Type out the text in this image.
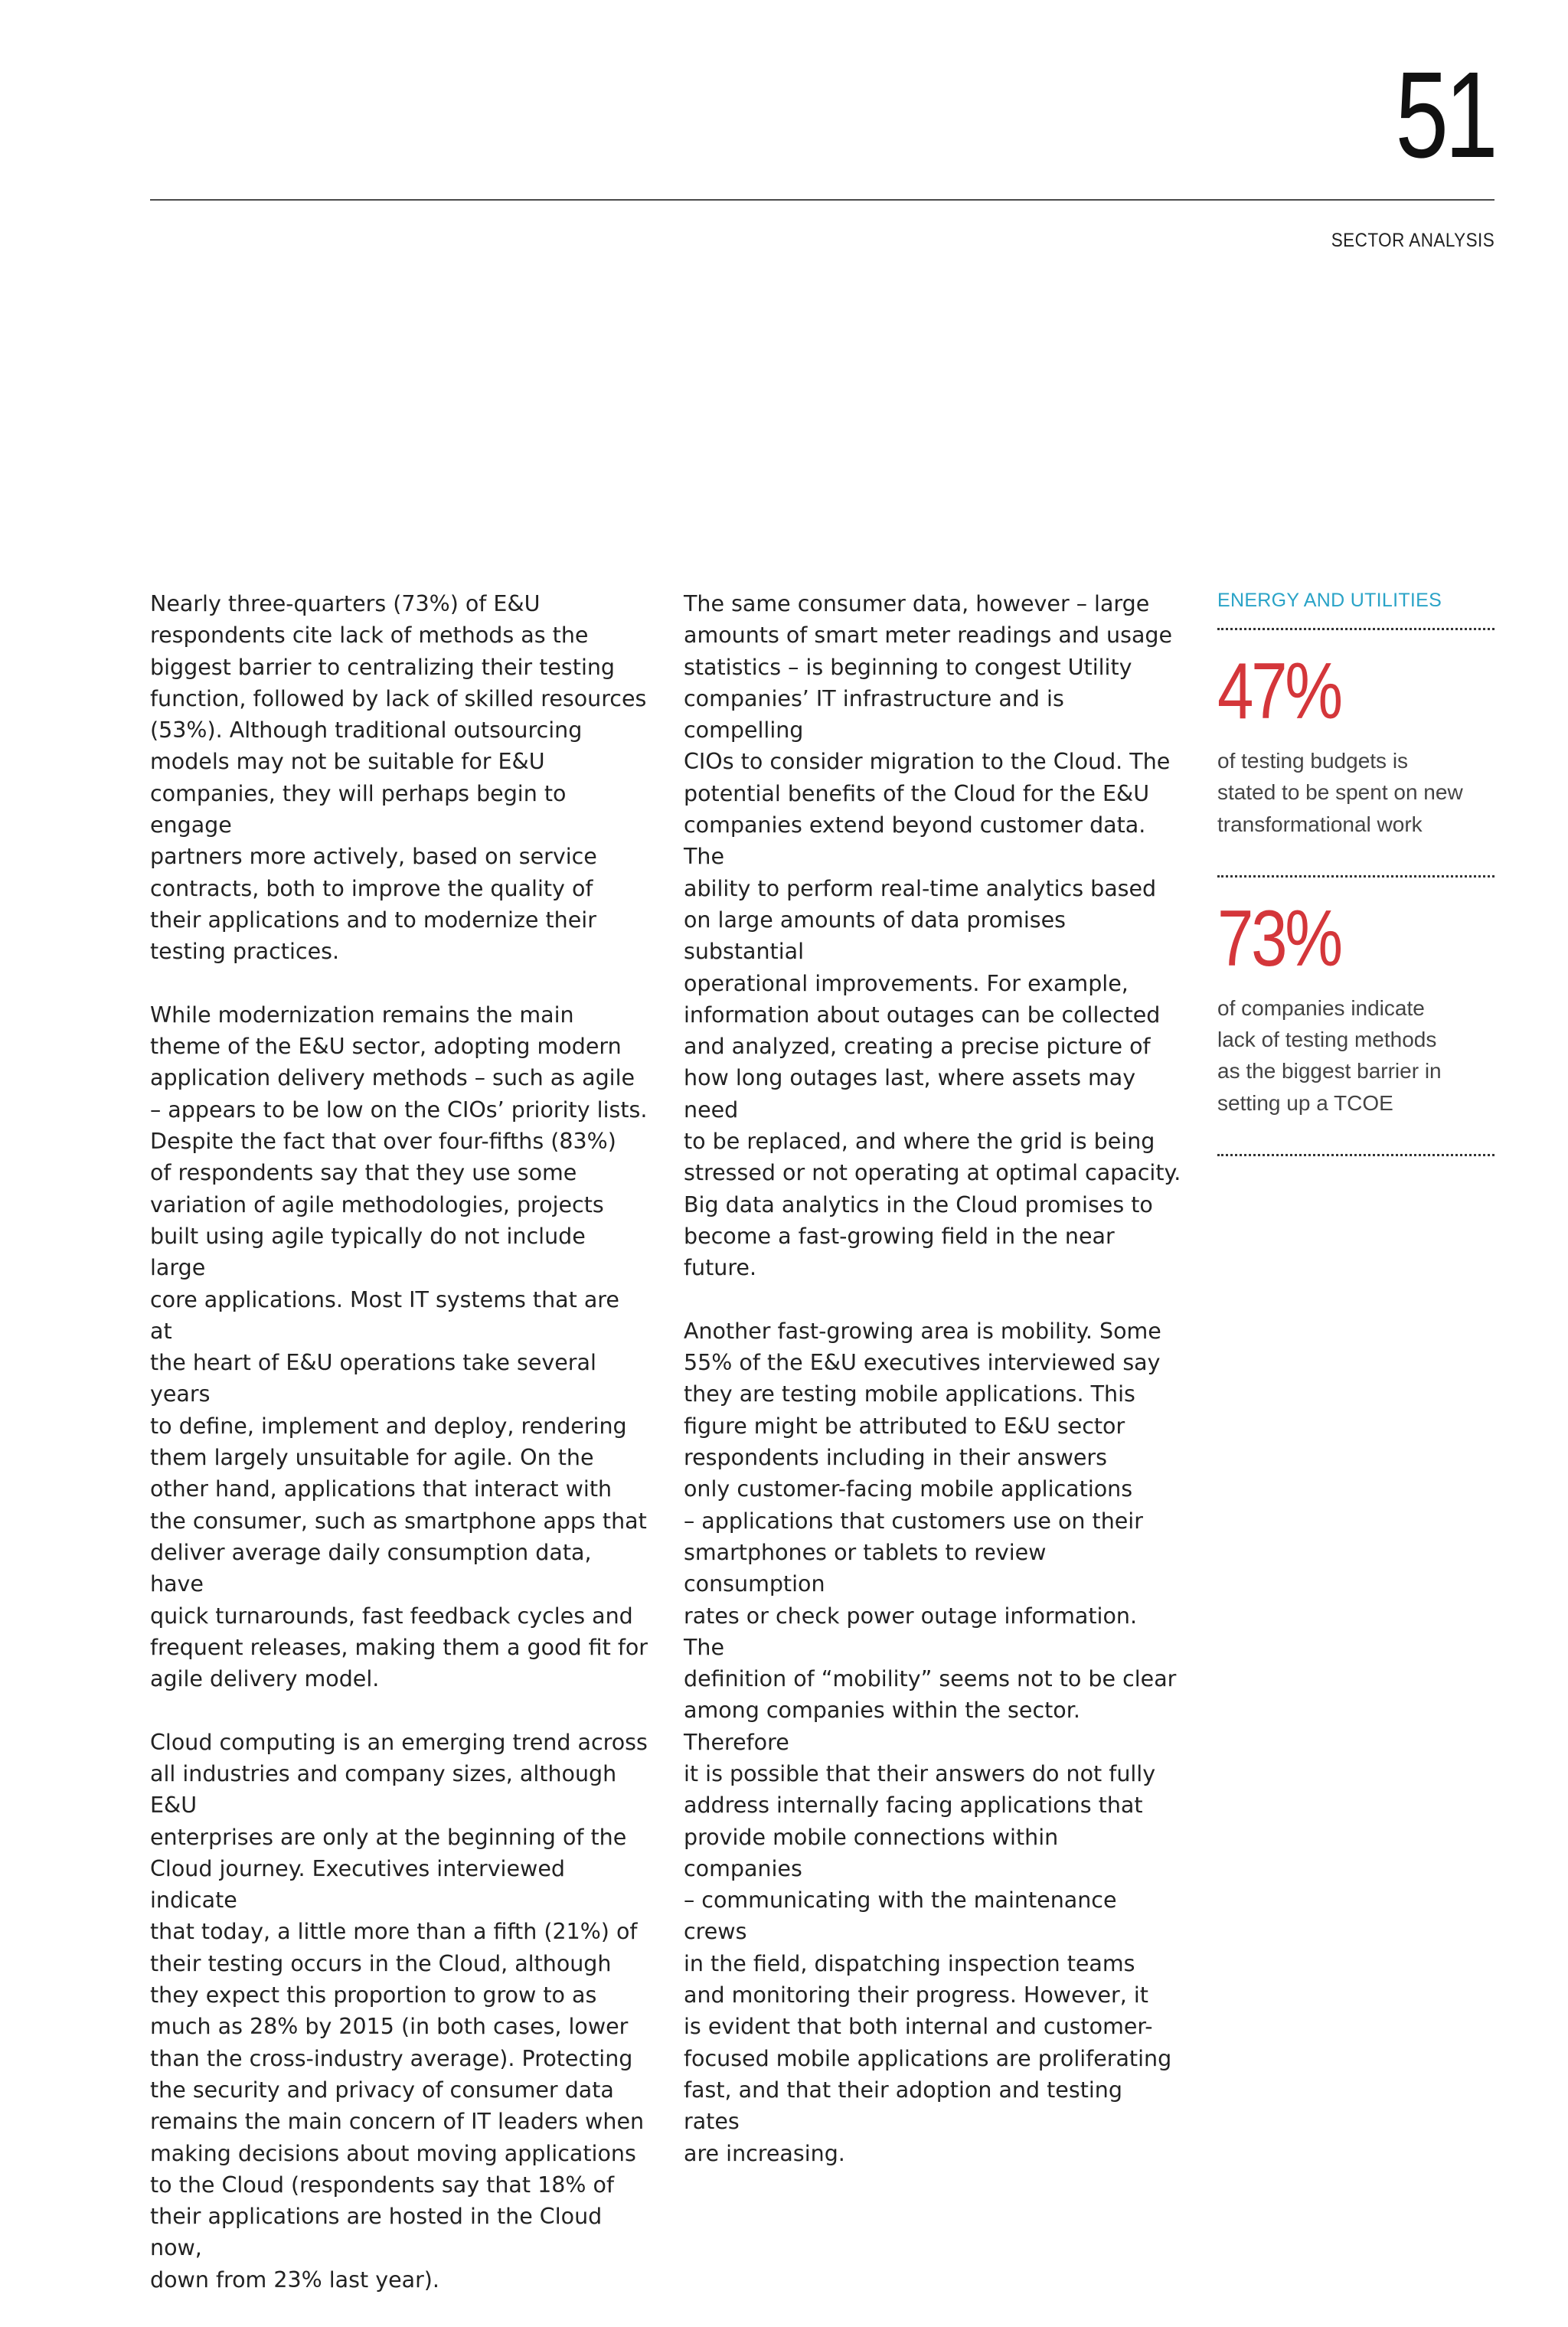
51
SECTOR ANALYSIS

Nearly three-quarters (73%) of E&U
respondents cite lack of methods as the
biggest barrier to centralizing their testing
function, followed by lack of skilled resources
(53%). Although traditional outsourcing
models may not be suitable for E&U
companies, they will perhaps begin to engage
partners more actively, based on service
contracts, both to improve the quality of
their applications and to modernize their
testing practices.

While modernization remains the main
theme of the E&U sector, adopting modern
application delivery methods – such as agile
– appears to be low on the CIOs’ priority lists.
Despite the fact that over four-fifths (83%)
of respondents say that they use some
variation of agile methodologies, projects
built using agile typically do not include large
core applications. Most IT systems that are at
the heart of E&U operations take several years
to define, implement and deploy, rendering
them largely unsuitable for agile. On the
other hand, applications that interact with
the consumer, such as smartphone apps that
deliver average daily consumption data, have
quick turnarounds, fast feedback cycles and
frequent releases, making them a good fit for
agile delivery model.

Cloud computing is an emerging trend across
all industries and company sizes, although E&U
enterprises are only at the beginning of the
Cloud journey. Executives interviewed indicate
that today, a little more than a fifth (21%) of
their testing occurs in the Cloud, although
they expect this proportion to grow to as
much as 28% by 2015 (in both cases, lower
than the cross-industry average). Protecting
the security and privacy of consumer data
remains the main concern of IT leaders when
making decisions about moving applications
to the Cloud (respondents say that 18% of
their applications are hosted in the Cloud now,
down from 23% last year).

The same consumer data, however – large
amounts of smart meter readings and usage
statistics – is beginning to congest Utility
companies’ IT infrastructure and is compelling
CIOs to consider migration to the Cloud. The
potential benefits of the Cloud for the E&U
companies extend beyond customer data. The
ability to perform real-time analytics based
on large amounts of data promises substantial
operational improvements. For example,
information about outages can be collected
and analyzed, creating a precise picture of
how long outages last, where assets may need
to be replaced, and where the grid is being
stressed or not operating at optimal capacity.
Big data analytics in the Cloud promises to
become a fast-growing field in the near future.

Another fast-growing area is mobility. Some
55% of the E&U executives interviewed say
they are testing mobile applications. This
figure might be attributed to E&U sector
respondents including in their answers
only customer-facing mobile applications
– applications that customers use on their
smartphones or tablets to review consumption
rates or check power outage information. The
definition of “mobility” seems not to be clear
among companies within the sector. Therefore
it is possible that their answers do not fully
address internally facing applications that
provide mobile connections within companies
– communicating with the maintenance crews
in the field, dispatching inspection teams
and monitoring their progress. However, it
is evident that both internal and customer-
focused mobile applications are proliferating
fast, and that their adoption and testing rates
are increasing.

ENERGY AND UTILITIES
47%

of testing budgets is
stated to be spent on new
transformational work

73%

of companies indicate
lack of testing methods
as the biggest barrier in
setting up a TCOE
